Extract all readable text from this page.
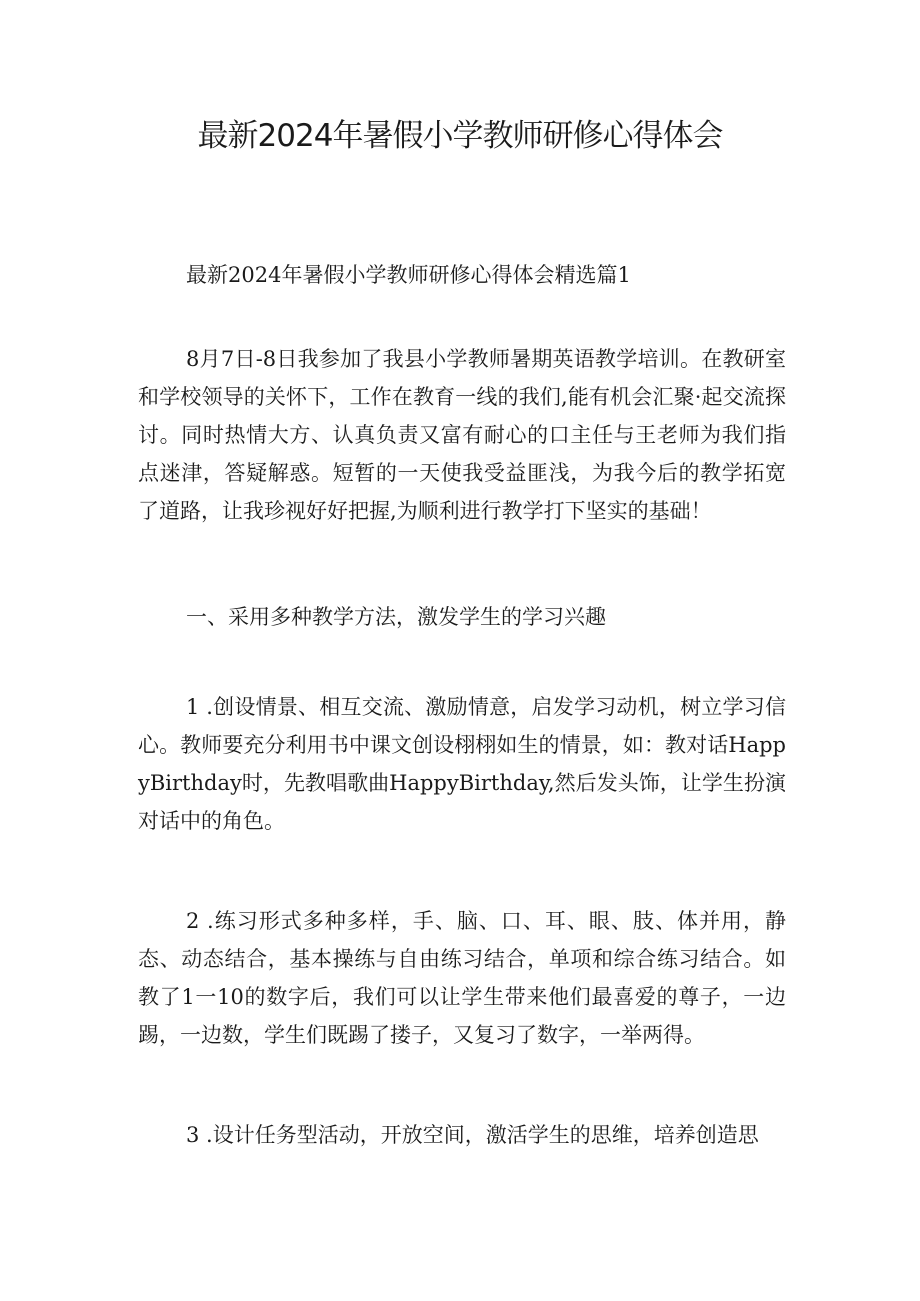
最新2024年暑假小学教师研修心得体会

最新2024年暑假小学教师研修心得体会精选篇1

8月7日-8日我参加了我县小学教师暑期英语教学培训。在教研室和学校领导的关怀下，工作在教育一线的我们,能有机会汇聚·起交流探讨。同时热情大方、认真负责又富有耐心的口主任与王老师为我们指点迷津，答疑解惑。短暂的一天使我受益匪浅，为我今后的教学拓宽了道路，让我珍视好好把握,为顺利进行教学打下坚实的基础！

一、采用多种教学方法，激发学生的学习兴趣

1 .创设情景、相互交流、激励情意，启发学习动机，树立学习信心。教师要充分利用书中课文创设栩栩如生的情景，如：教对话HappyBirthday时，先教唱歌曲HappyBirthday,然后发头饰，让学生扮演对话中的角色。

2 .练习形式多种多样，手、脑、口、耳、眼、肢、体并用，静态、动态结合，基本操练与自由练习结合，单项和综合练习结合。如教了1一10的数字后，我们可以让学生带来他们最喜爱的尊子，一边踢，一边数，学生们既踢了搂子，又复习了数字，一举两得。

3 .设计任务型活动，开放空间，激活学生的思维，培养创造思
